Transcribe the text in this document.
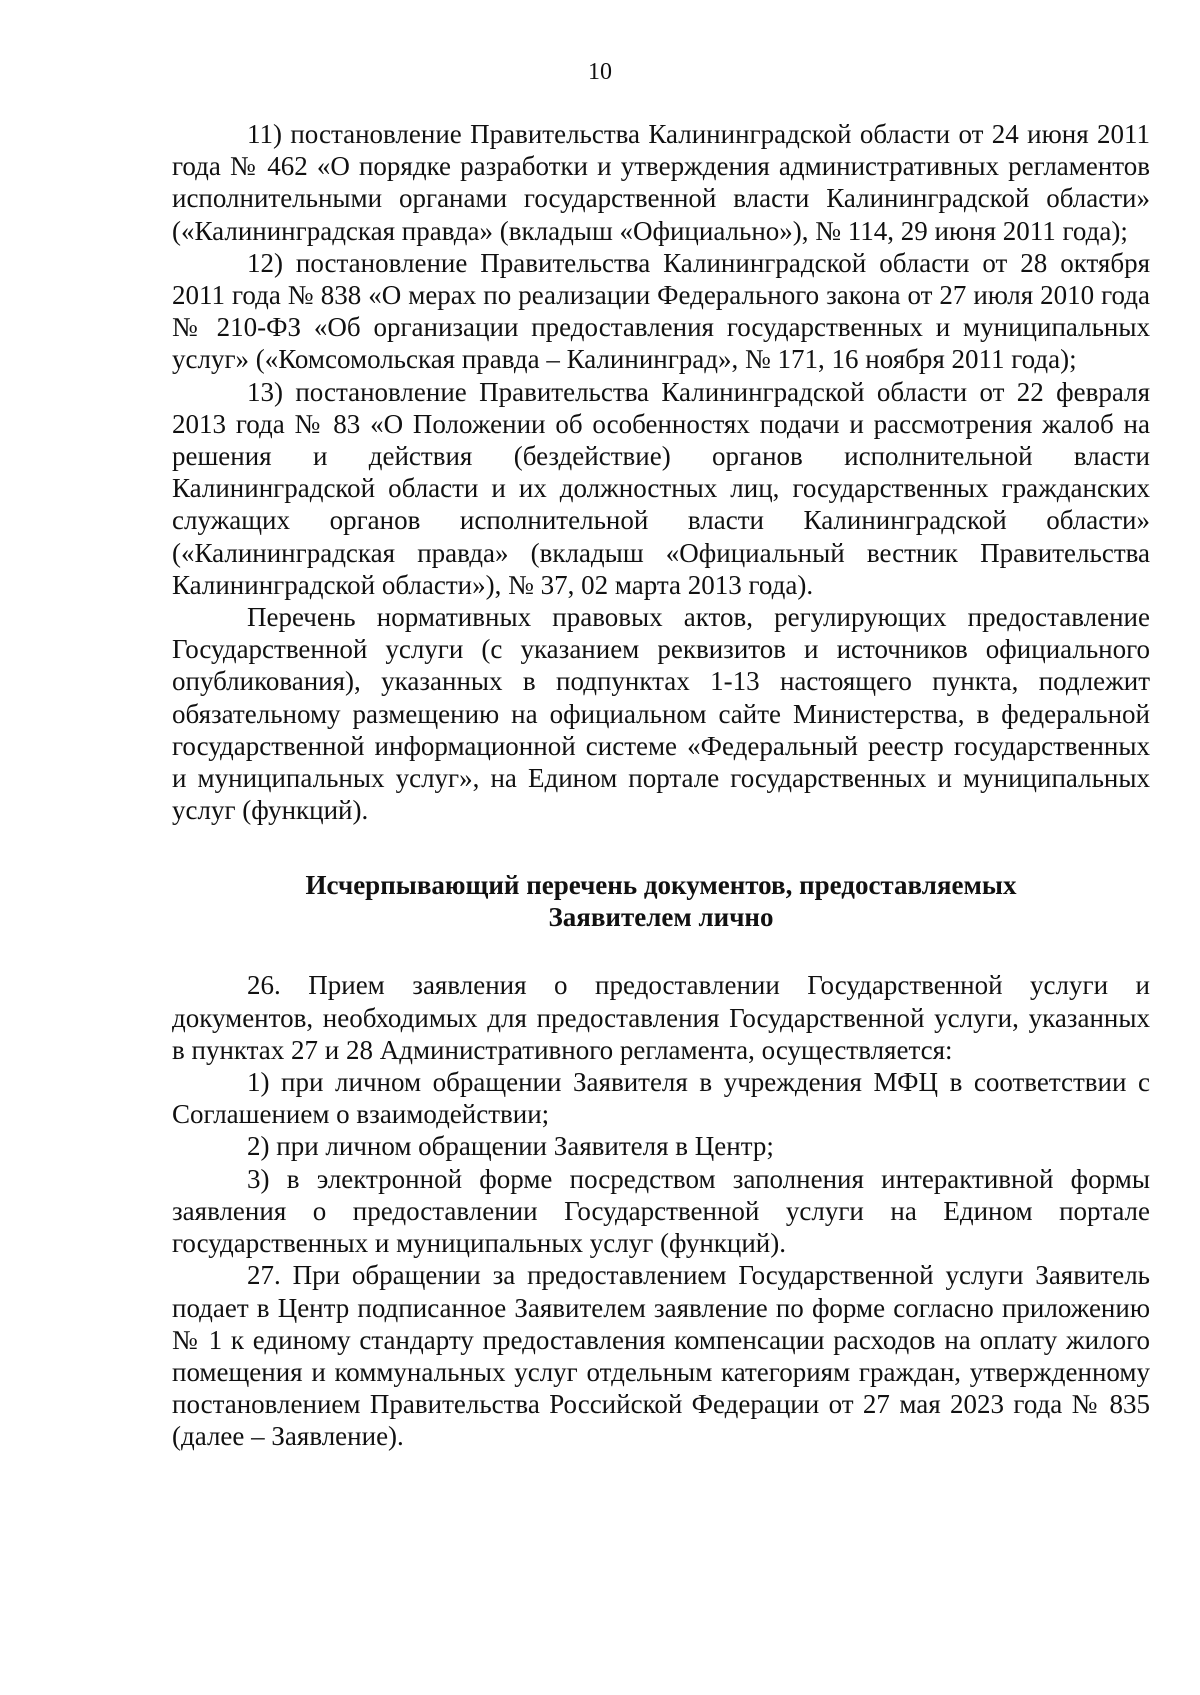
10

11) постановление Правительства Калининградской области от 24 июня 2011 года № 462 «О порядке разработки и утверждения административных регламентов исполнительными органами государственной власти Калининградской области» («Калининградская правда» (вкладыш «Официально»), № 114, 29 июня 2011 года);

12) постановление Правительства Калининградской области от 28 октября 2011 года № 838 «О мерах по реализации Федерального закона от 27 июля 2010 года № 210-ФЗ «Об организации предоставления государственных и муниципальных услуг» («Комсомольская правда – Калининград», № 171, 16 ноября 2011 года);

13) постановление Правительства Калининградской области от 22 февраля 2013 года № 83 «О Положении об особенностях подачи и рассмотрения жалоб на решения и действия (бездействие) органов исполнительной власти Калининградской области и их должностных лиц, государственных гражданских служащих органов исполнительной власти Калининградской области» («Калининградская правда» (вкладыш «Официальный вестник Правительства Калининградской области»), № 37, 02 марта 2013 года).

Перечень нормативных правовых актов, регулирующих предоставление Государственной услуги (с указанием реквизитов и источников официального опубликования), указанных в подпунктах 1-13 настоящего пункта, подлежит обязательному размещению на официальном сайте Министерства, в федеральной государственной информационной системе «Федеральный реестр государственных и муниципальных услуг», на Едином портале государственных и муниципальных услуг (функций).

Исчерпывающий перечень документов, предоставляемых
Заявителем лично

26. Прием заявления о предоставлении Государственной услуги и документов, необходимых для предоставления Государственной услуги, указанных в пунктах 27 и 28 Административного регламента, осуществляется:

1) при личном обращении Заявителя в учреждения МФЦ в соответствии с Соглашением о взаимодействии;

2) при личном обращении Заявителя в Центр;

3) в электронной форме посредством заполнения интерактивной формы заявления о предоставлении Государственной услуги на Едином портале государственных и муниципальных услуг (функций).

27. При обращении за предоставлением Государственной услуги Заявитель подает в Центр подписанное Заявителем заявление по форме согласно приложению № 1 к единому стандарту предоставления компенсации расходов на оплату жилого помещения и коммунальных услуг отдельным категориям граждан, утвержденному постановлением Правительства Российской Федерации от 27 мая 2023 года № 835 (далее – Заявление).
